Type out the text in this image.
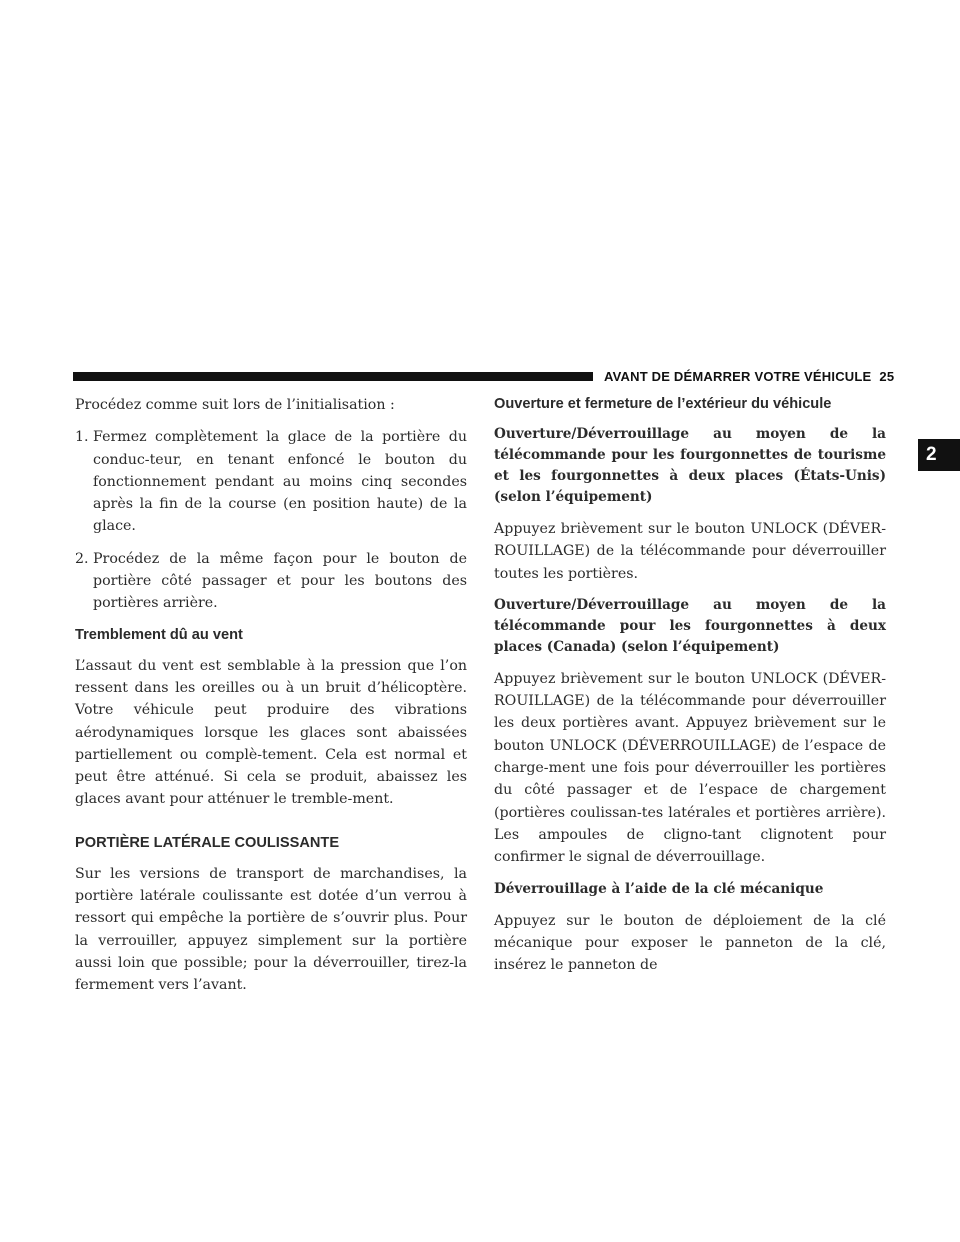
AVANT DE DÉMARRER VOTRE VÉHICULE 25
2

Procédez comme suit lors de l’initialisation :

1. Fermez complètement la glace de la portière du conduc-teur, en tenant enfoncé le bouton du fonctionnement pendant au moins cinq secondes après la fin de la course (en position haute) de la glace.

2. Procédez de la même façon pour le bouton de portière côté passager et pour les boutons des portières arrière.

Tremblement dû au vent

L’assaut du vent est semblable à la pression que l’on ressent dans les oreilles ou à un bruit d’hélicoptère. Votre véhicule peut produire des vibrations aérodynamiques lorsque les glaces sont abaissées partiellement ou complè-tement. Cela est normal et peut être atténué. Si cela se produit, abaissez les glaces avant pour atténuer le tremble-ment.

PORTIÈRE LATÉRALE COULISSANTE

Sur les versions de transport de marchandises, la portière latérale coulissante est dotée d’un verrou à ressort qui empêche la portière de s’ouvrir plus. Pour la verrouiller, appuyez simplement sur la portière aussi loin que possible; pour la déverrouiller, tirez-la fermement vers l’avant.

Ouverture et fermeture de l’extérieur du véhicule
Ouverture/Déverrouillage au moyen de la télécommande pour les fourgonnettes de tourisme et les fourgonnettes à deux places (États-Unis) (selon l’équipement)

Appuyez brièvement sur le bouton UNLOCK (DÉVER-ROUILLAGE) de la télécommande pour déverrouiller toutes les portières.

Ouverture/Déverrouillage au moyen de la télécommande pour les fourgonnettes à deux places (Canada) (selon l’équipement)

Appuyez brièvement sur le bouton UNLOCK (DÉVER-ROUILLAGE) de la télécommande pour déverrouiller les deux portières avant. Appuyez brièvement sur le bouton UNLOCK (DÉVERROUILLAGE) de l’espace de charge-ment une fois pour déverrouiller les portières du côté passager et de l’espace de chargement (portières coulissan-tes latérales et portières arrière). Les ampoules de cligno-tant clignotent pour confirmer le signal de déverrouillage.

Déverrouillage à l’aide de la clé mécanique

Appuyez sur le bouton de déploiement de la clé mécanique pour exposer le panneton de la clé, insérez le panneton de
